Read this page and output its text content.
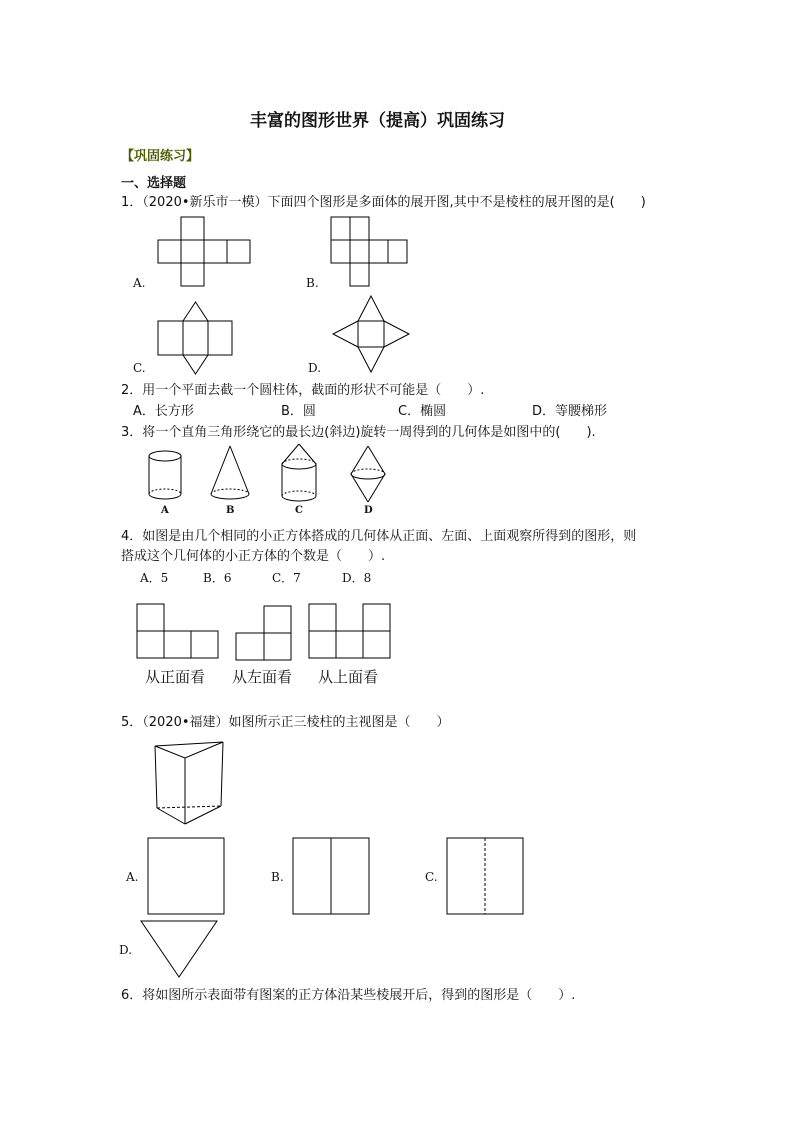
丰富的图形世界（提高）巩固练习
【巩固练习】
一、选择题
1．（2020•新乐市一模）下面四个图形是多面体的展开图,其中不是棱柱的展开图的是(　　)
A.	B.
C.	D.
2．用一个平面去截一个圆柱体，截面的形状不可能是（　　）.
A．长方形	B．圆	C．椭圆	D．等腰梯形
3．将一个直角三角形绕它的最长边(斜边)旋转一周得到的几何体是如图中的(　　).
A	B	C	D
4．如图是由几个相同的小正方体搭成的几何体从正面、左面、上面观察所得到的图形，则
搭成这个几何体的小正方体的个数是（　　）.
A．5	B．6	C．7	D．8
从正面看 从左面看 从上面看
5．（2020•福建）如图所示正三棱柱的主视图是（　　）
A.	B.	C.
D.
6．将如图所示表面带有图案的正方体沿某些棱展开后，得到的图形是（　　）.
